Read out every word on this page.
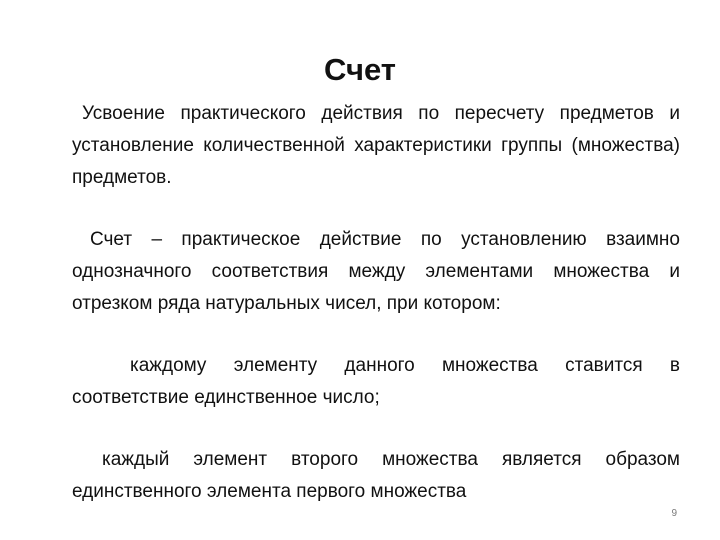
Счет

Усвоение практического действия по пересчету предметов и установление количественной характеристики группы (множества) предметов.

Счет – практическое действие по установлению взаимно однозначного соответствия между элементами множества и отрезком ряда натуральных чисел, при котором:

каждому элементу данного множества ставится в соответствие единственное число;

каждый элемент второго множества является образом единственного элемента первого множества

9
